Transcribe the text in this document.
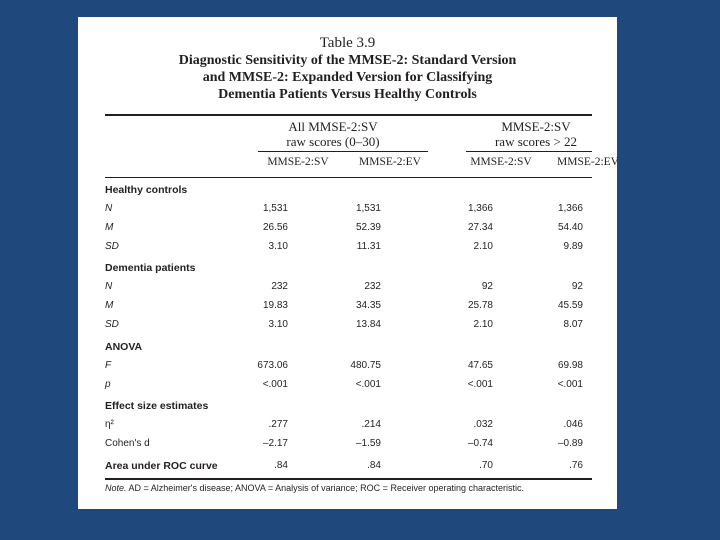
Table 3.9
Diagnostic Sensitivity of the MMSE-2: Standard Version
and MMSE-2: Expanded Version for Classifying
Dementia Patients Versus Healthy Controls
All MMSE-2:SV
raw scores (0–30)
MMSE-2:SV
raw scores > 22
MMSE-2:SV	MMSE-2:EV	MMSE-2:SV	MMSE-2:EV
Healthy controls
N	1,531	1,531	1,366	1,366
M	26.56	52.39	27.34	54.40
SD	3.10	11.31	2.10	9.89
Dementia patients
N	232	232	92	92
M	19.83	34.35	25.78	45.59
SD	3.10	13.84	2.10	8.07
ANOVA
F	673.06	480.75	47.65	69.98
p	<.001	<.001	<.001	<.001
Effect size estimates
η²	.277	.214	.032	.046
Cohen's d	–2.17	–1.59	–0.74	–0.89
Area under ROC curve	.84	.84	.70	.76
Note. AD = Alzheimer's disease; ANOVA = Analysis of variance; ROC = Receiver operating characteristic.
